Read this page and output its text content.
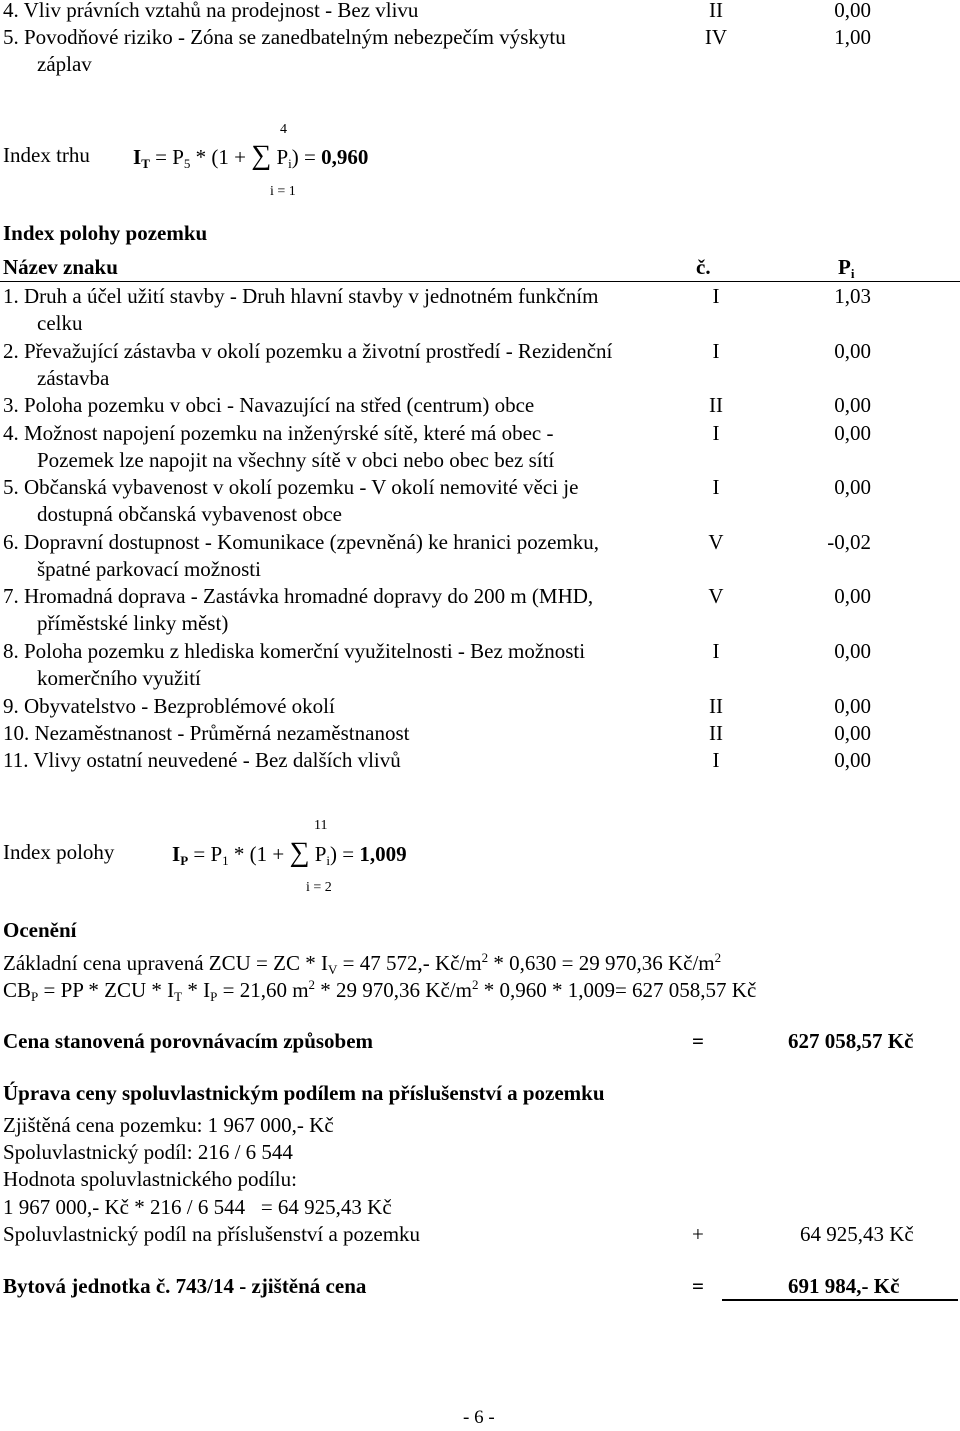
4. Vliv právních vztahů na prodejnost - Bez vlivu	II	0,00
5. Povodňové riziko - Zóna se zanedbatelným nebezpečím výskytu
záplav
IV	1,00
4
Index trhu $I_T = P_5 * (1$ + ∑ $P_i) = 0,960$
i = 1
Index polohy pozemku
Název znaku	č.	$P_i$
1. Druh a účel užití stavby - Druh hlavní stavby v jednotném funkčním
celku
I	1,03
2. Převažující zástavba v okolí pozemku a životní prostředí - Rezidenční
zástavba
I	0,00
3. Poloha pozemku v obci - Navazující na střed (centrum) obce	II	0,00
4. Možnost napojení pozemku na inženýrské sítě, které má obec -
Pozemek lze napojit na všechny sítě v obci nebo obec bez sítí
I	0,00
5. Občanská vybavenost v okolí pozemku - V okolí nemovité věci je
dostupná občanská vybavenost obce
I	0,00
6. Dopravní dostupnost - Komunikace (zpevněná) ke hranici pozemku,
špatné parkovací možnosti
V	-0,02
7. Hromadná doprava - Zastávka hromadné dopravy do 200 m (MHD,
příměstské linky měst)
V	0,00
8. Poloha pozemku z hlediska komerční využitelnosti - Bez možnosti
komerčního využití
I	0,00
9. Obyvatelstvo - Bezproblémové okolí	II	0,00
10. Nezaměstnanost - Průměrná nezaměstnanost	II	0,00
11. Vlivy ostatní neuvedené - Bez dalších vlivů	I	0,00
11
Index polohy	$I_P = P_1 * (1$ + ∑ $P_i) = 1,009$
i = 2
Ocenění
Základní cena upravená ZCU = ZC * $I_V = 47$ 572,- $Kč/m^2 * 0,630 = 29$ 970,36 $Kč/m^2$
$CB_P$ = PP * ZCU * $I_T * I_P = 21,60$ $m^2 * 29$ 970,36 $Kč/m^2 * 0,960 * 1,009= 627$ 058,57 Kč
Cena stanovená porovnávacím způsobem	=	627 058,57 Kč
Úprava ceny spoluvlastnickým podílem na příslušenství a pozemku
Zjištěná cena pozemku: 1 967 000,- Kč
Spoluvlastnický podíl: 216 / 6 544
Hodnota spoluvlastnického podílu:
1 967 000,- Kč * 216 / 6 544   = 64 925,43 Kč
Spoluvlastnický podíl na příslušenství a pozemku	+	64 925,43 Kč
Bytová jednotka č. 743/14 - zjištěná cena	=	691 984,- Kč
- 6 -
